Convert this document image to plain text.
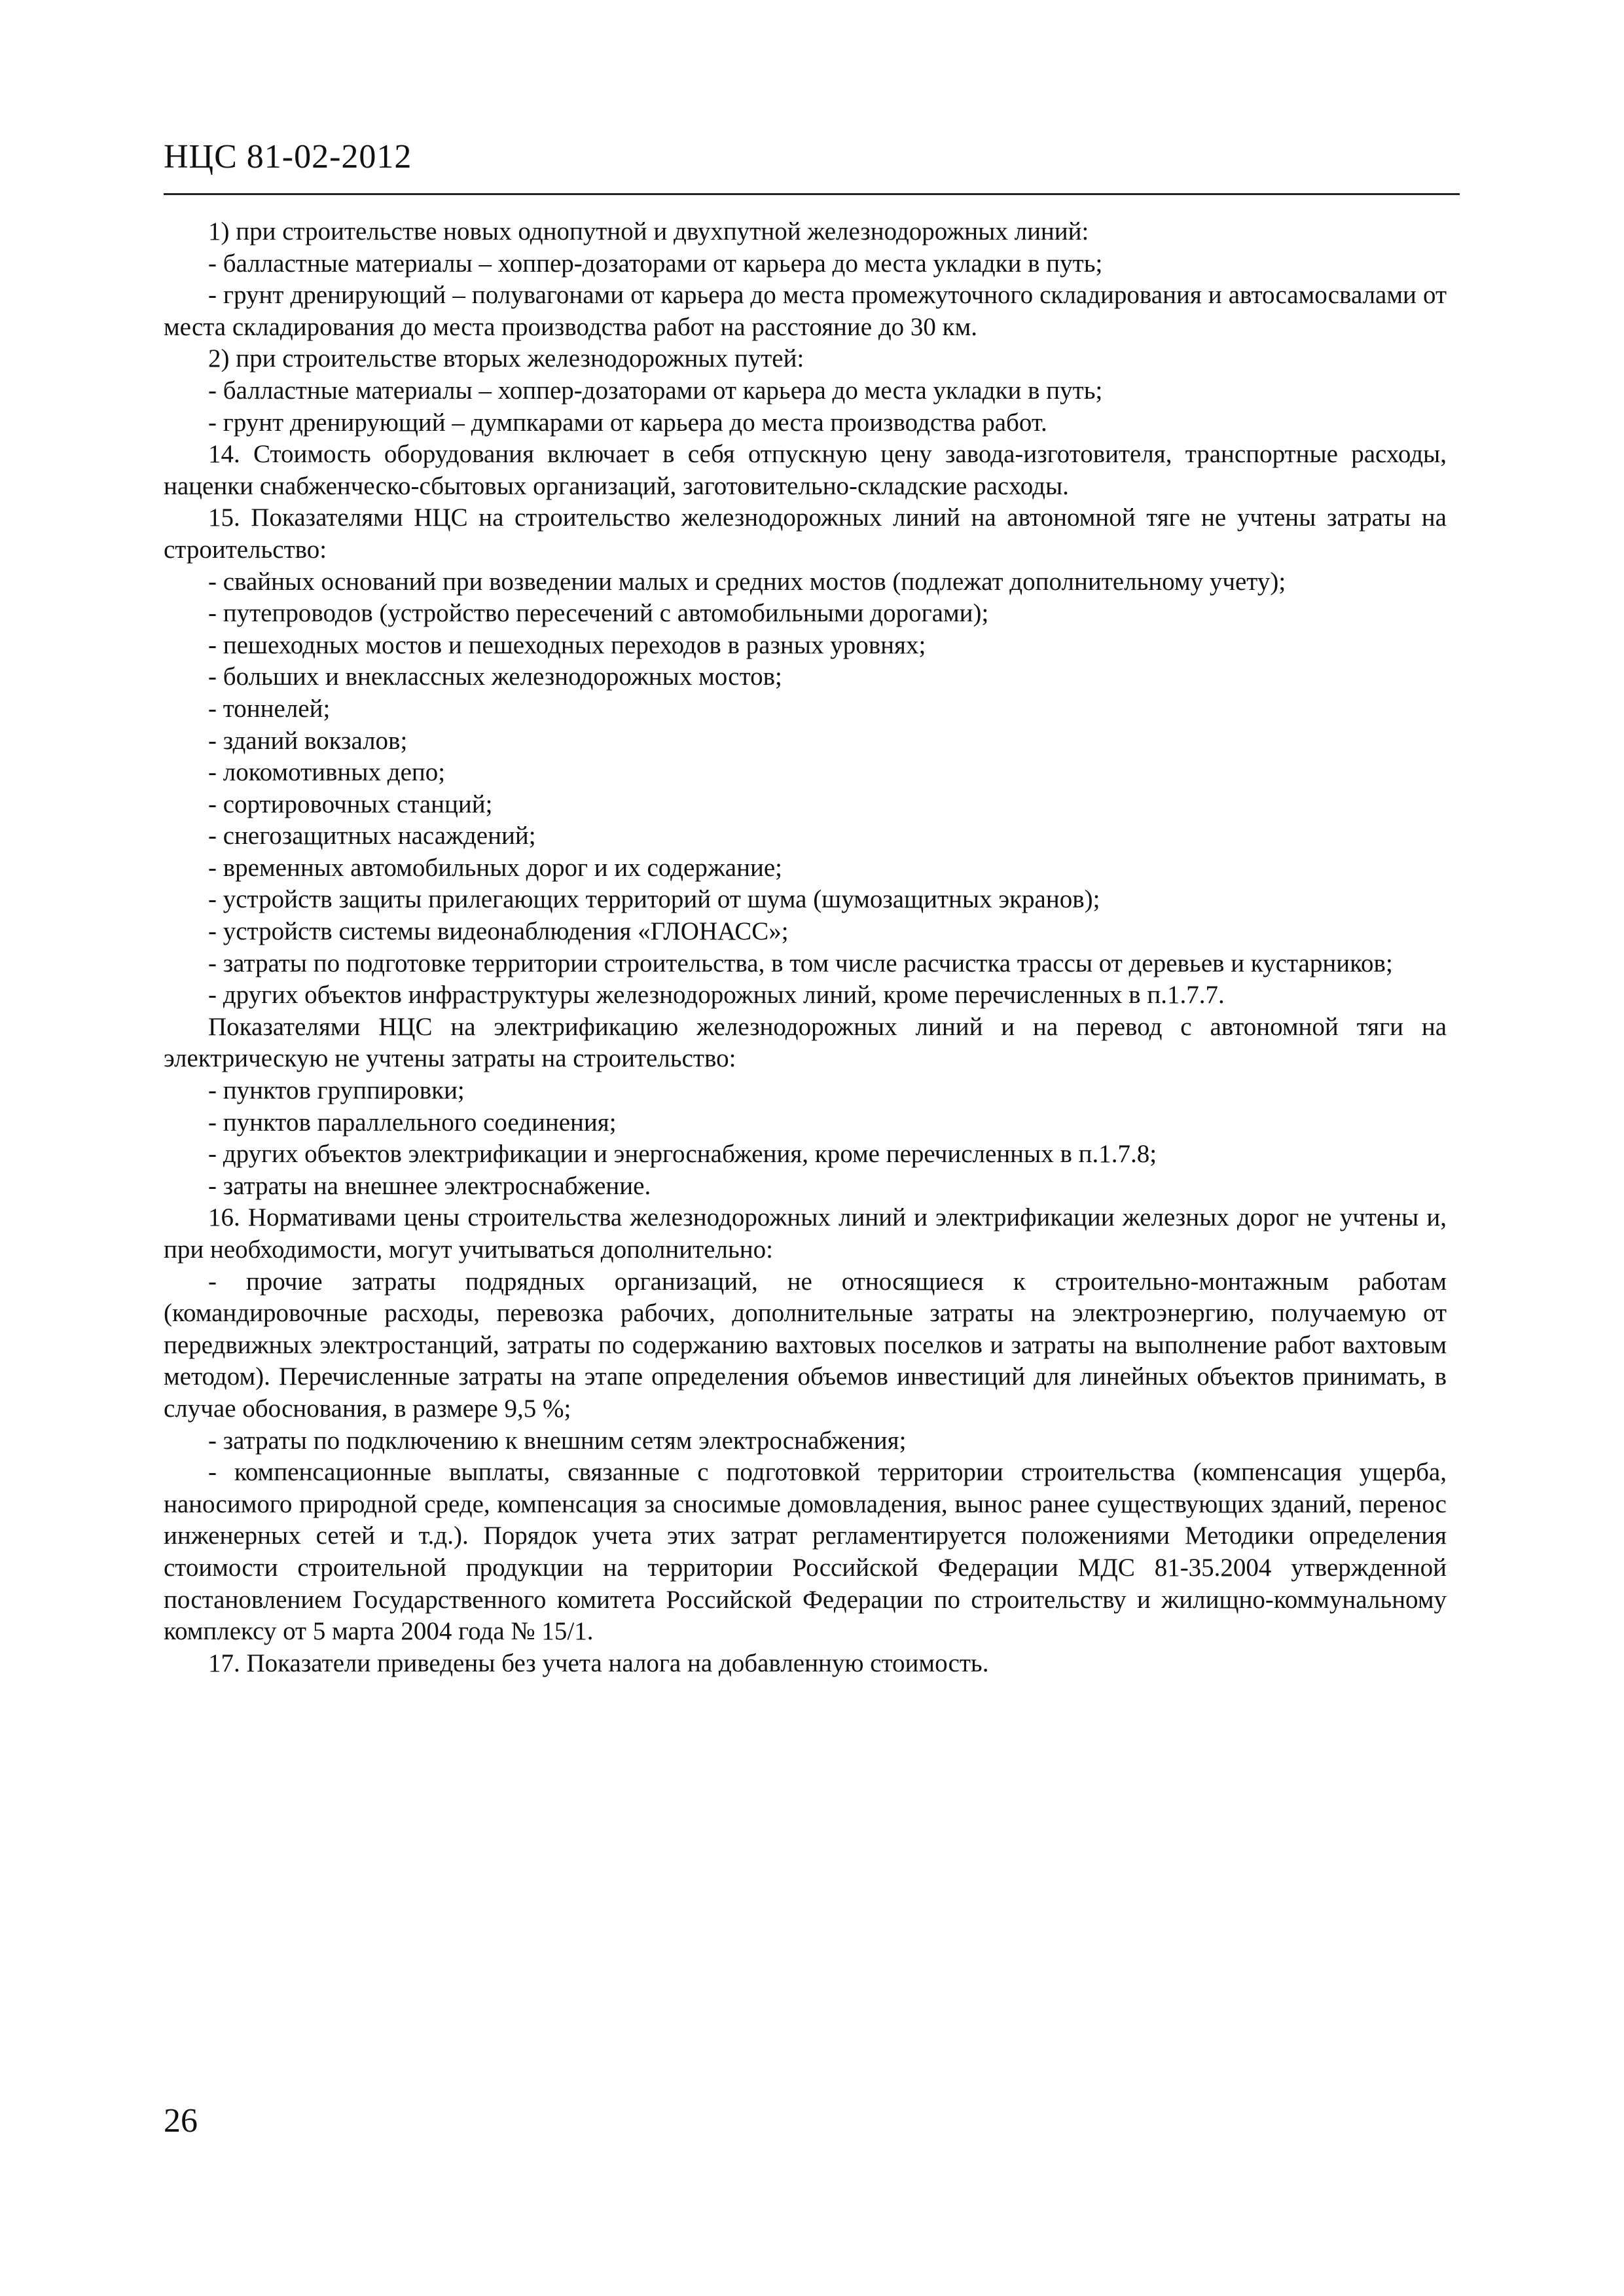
НЦС 81-02-2012

1) при строительстве новых однопутной и двухпутной железнодорожных линий:

- балластные материалы – хоппер-дозаторами от карьера до места укладки в путь;

- грунт дренирующий – полувагонами от карьера до места промежуточного складирования и автосамосвалами от места складирования до места производства работ на расстояние до 30 км.

2) при строительстве вторых железнодорожных путей:

- балластные материалы – хоппер-дозаторами от карьера до места укладки в путь;

- грунт дренирующий – думпкарами от карьера до места производства работ.

14. Стоимость оборудования включает в себя отпускную цену завода-изготовителя, транспортные расходы, наценки снабженческо-сбытовых организаций, заготовительно-складские расходы.

15. Показателями НЦС на строительство железнодорожных линий на автономной тяге не учтены затраты на строительство:

- свайных оснований при возведении малых и средних мостов (подлежат дополнительному учету);

- путепроводов (устройство пересечений с автомобильными дорогами);

- пешеходных мостов и пешеходных переходов в разных уровнях;

- больших и внеклассных железнодорожных мостов;

- тоннелей;

- зданий вокзалов;

- локомотивных депо;

- сортировочных станций;

- снегозащитных насаждений;

- временных автомобильных дорог и их содержание;

- устройств защиты прилегающих территорий от шума (шумозащитных экранов);

- устройств системы видеонаблюдения «ГЛОНАСС»;

- затраты по подготовке территории строительства, в том числе расчистка трассы от деревьев и кустарников;

- других объектов инфраструктуры железнодорожных линий, кроме перечисленных в п.1.7.7.

Показателями НЦС на электрификацию железнодорожных линий и на перевод с автономной тяги на электрическую не учтены затраты на строительство:

- пунктов группировки;

- пунктов параллельного соединения;

- других объектов электрификации и энергоснабжения, кроме перечисленных в п.1.7.8;

- затраты на внешнее электроснабжение.

16. Нормативами цены строительства железнодорожных линий и электрификации железных дорог не учтены и, при необходимости, могут учитываться дополнительно:

- прочие затраты подрядных организаций, не относящиеся к строительно-монтажным работам (командировочные расходы, перевозка рабочих, дополнительные затраты на электроэнергию, получаемую от передвижных электростанций, затраты по содержанию вахтовых поселков и затраты на выполнение работ вахтовым методом). Перечисленные затраты на этапе определения объемов инвестиций для линейных объектов принимать, в случае обоснования, в размере 9,5 %;

- затраты по подключению к внешним сетям электроснабжения;

- компенсационные выплаты, связанные с подготовкой территории строительства (компенсация ущерба, наносимого природной среде, компенсация за сносимые домовладения, вынос ранее существующих зданий, перенос инженерных сетей и т.д.). Порядок учета этих затрат регламентируется положениями Методики определения стоимости строительной продукции на территории Российской Федерации МДС 81-35.2004 утвержденной постановлением Государственного комитета Российской Федерации по строительству и жилищно-коммунальному комплексу от 5 марта 2004 года № 15/1.

17. Показатели приведены без учета налога на добавленную стоимость.

26
